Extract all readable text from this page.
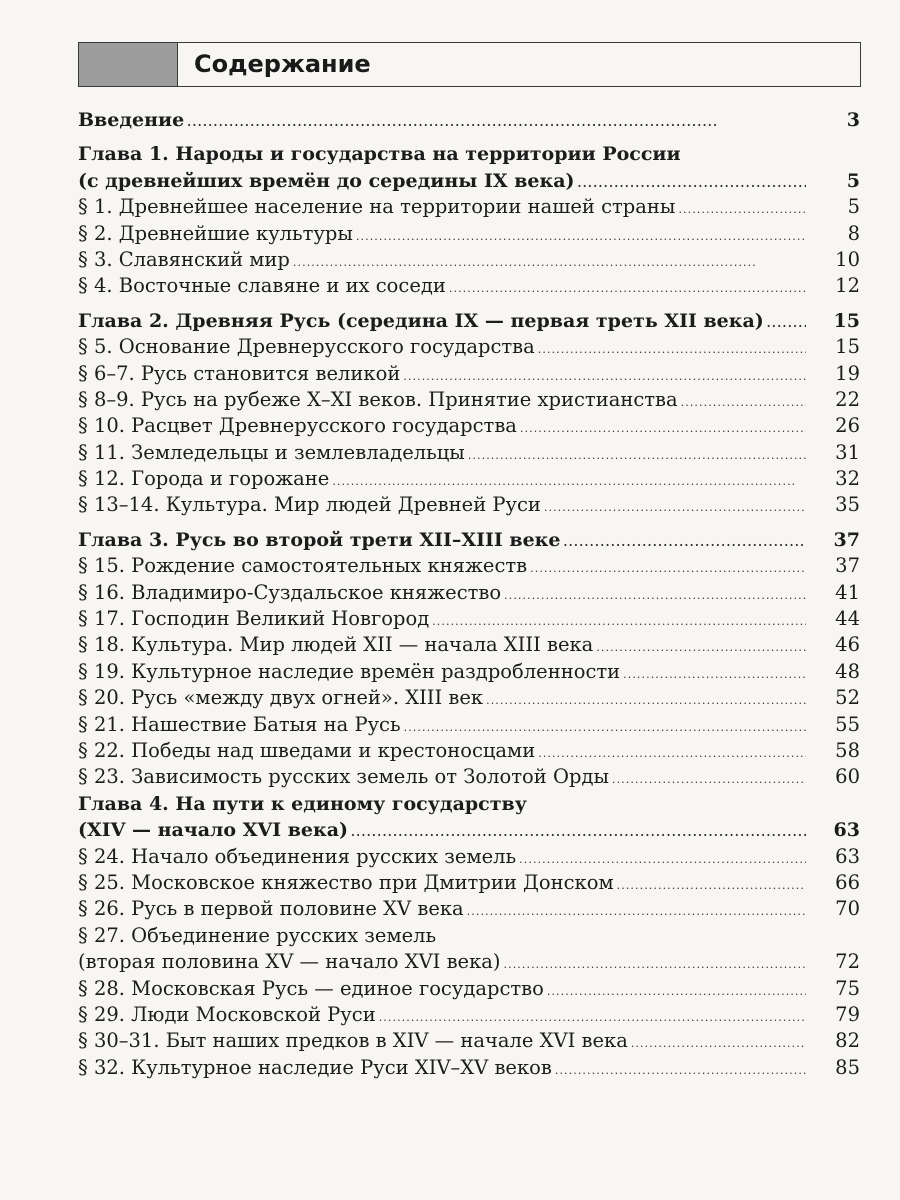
Содержание
Введение . . .	3
Глава 1. Народы и государства на территории России
(с древнейших времён до середины IX века) . . .	5
§ 1. Древнейшее население на территории нашей страны . . .	5
§ 2. Древнейшие культуры . . .	8
§ 3. Славянский мир . . .	10
§ 4. Восточные славяне и их соседи . . .	12
Глава 2. Древняя Русь (середина IX — первая треть XII века) . . .	15
§ 5. Основание Древнерусского государства . . .	15
§ 6–7. Русь становится великой . . .	19
§ 8–9. Русь на рубеже X–XI веков. Принятие христианства . . .	22
§ 10. Расцвет Древнерусского государства . . .	26
§ 11. Земледельцы и землевладельцы . . .	31
§ 12. Города и горожане . . .	32
§ 13–14. Культура. Мир людей Древней Руси . . .	35
Глава 3. Русь во второй трети XII–XIII веке . . .	37
§ 15. Рождение самостоятельных княжеств . . .	37
§ 16. Владимиро-Суздальское княжество . . .	41
§ 17. Господин Великий Новгород . . .	44
§ 18. Культура. Мир людей XII — начала XIII века . . .	46
§ 19. Культурное наследие времён раздробленности . . .	48
§ 20. Русь «между двух огней». XIII век . . .	52
§ 21. Нашествие Батыя на Русь . . .	55
§ 22. Победы над шведами и крестоносцами . . .	58
§ 23. Зависимость русских земель от Золотой Орды . . .	60
Глава 4. На пути к единому государству
(XIV — начало XVI века) . . .	63
§ 24. Начало объединения русских земель . . .	63
§ 25. Московское княжество при Дмитрии Донском . . .	66
§ 26. Русь в первой половине XV века . . .	70
§ 27. Объединение русских земель
(вторая половина XV — начало XVI века) . . .	72
§ 28. Московская Русь — единое государство . . .	75
§ 29. Люди Московской Руси . . .	79
§ 30–31. Быт наших предков в XIV — начале XVI века . . .	82
§ 32. Культурное наследие Руси XIV–XV веков . . .	85
